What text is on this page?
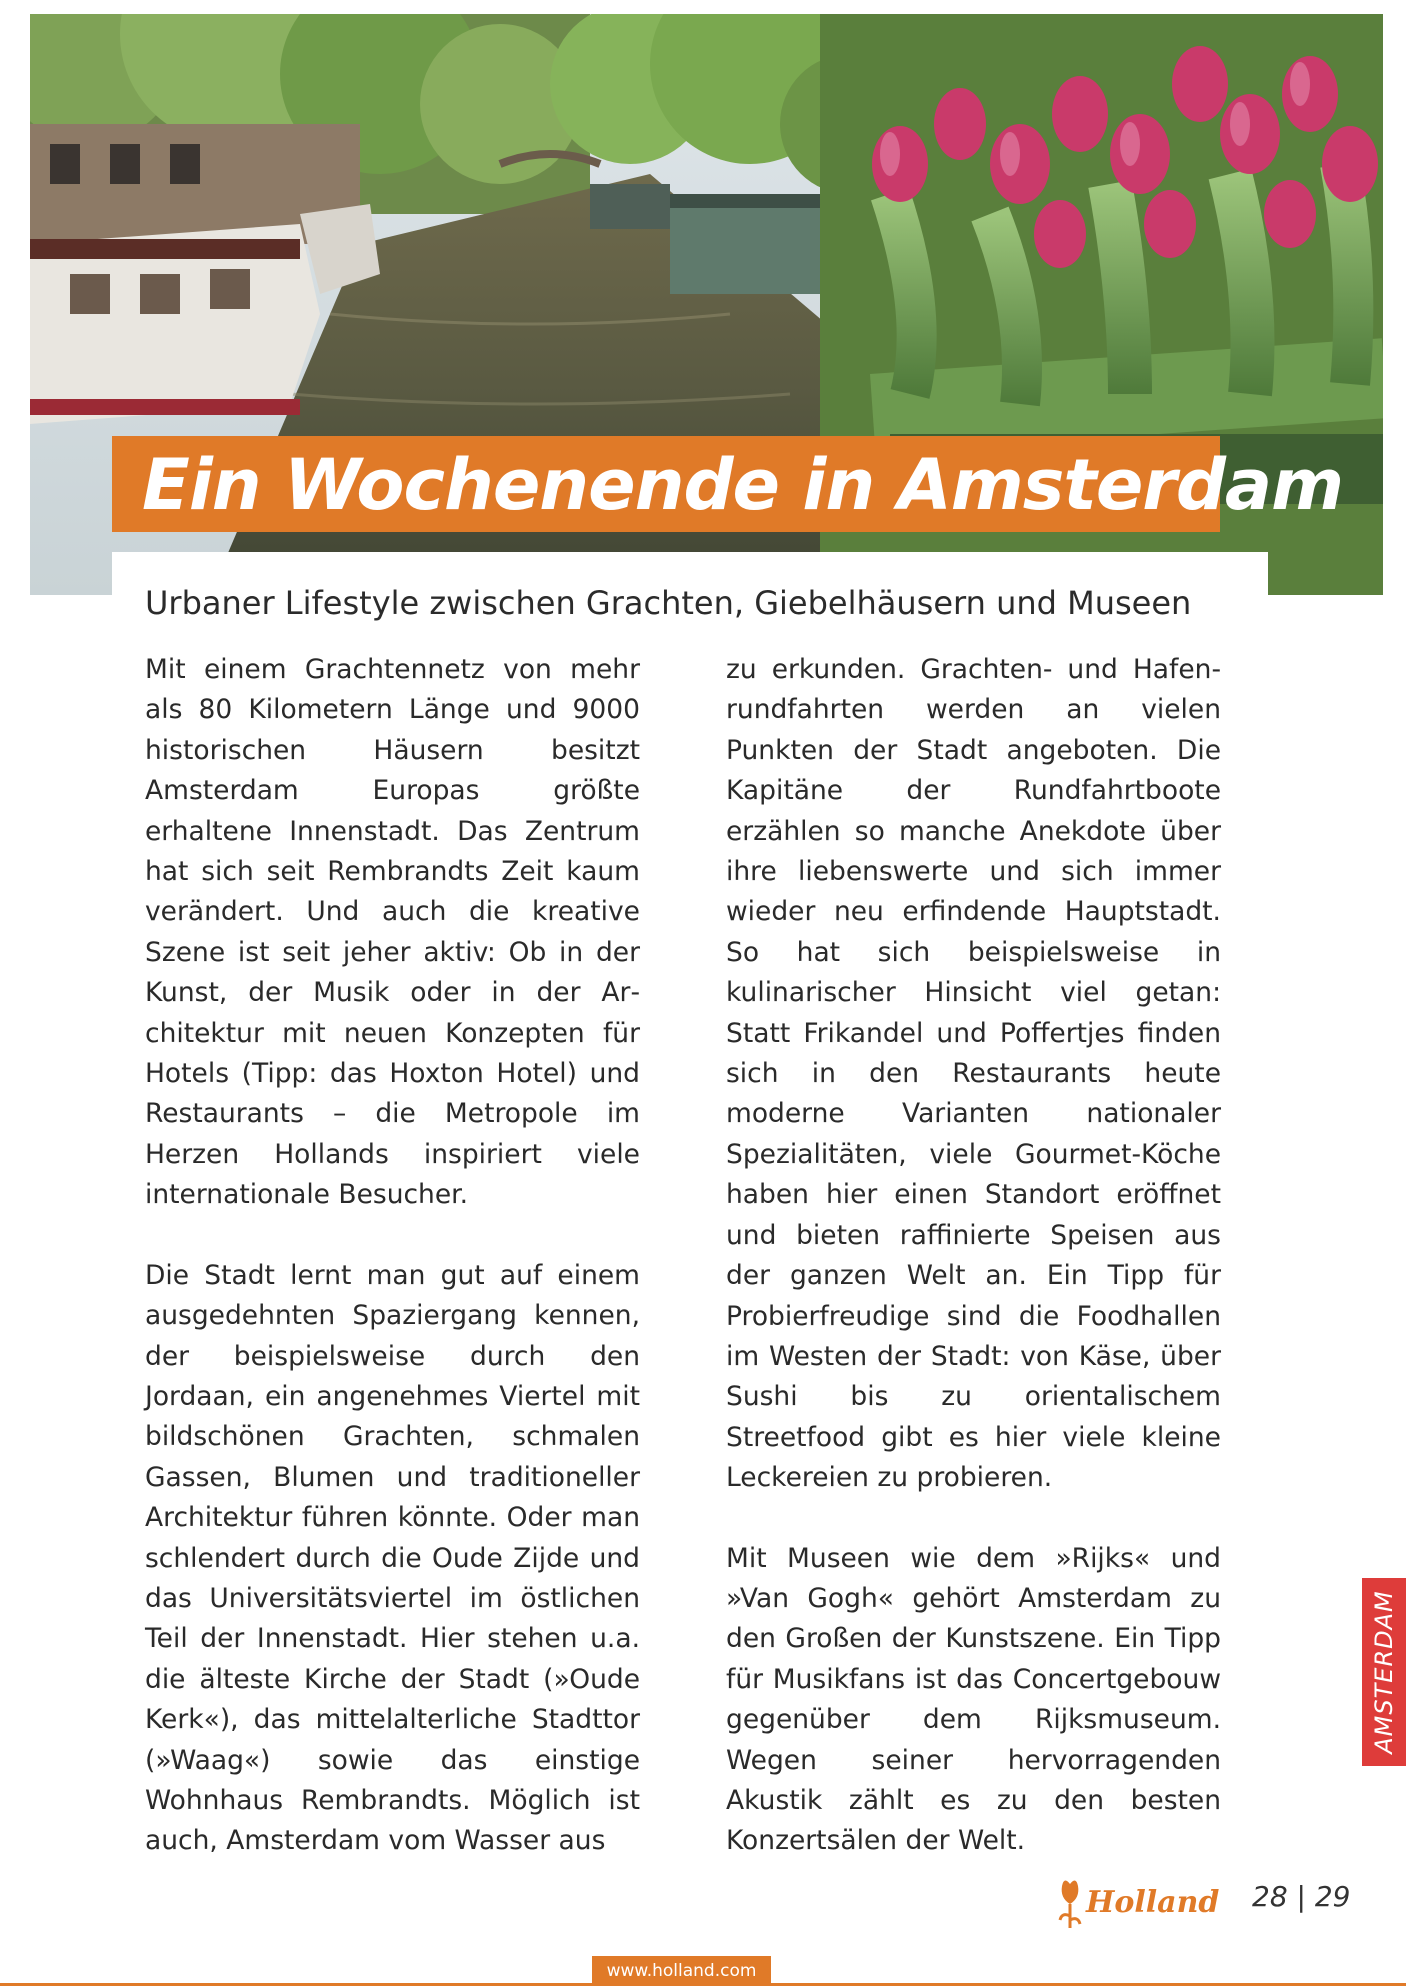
Ein Wochenende in Amsterdam
Urbaner Lifestyle zwischen Grachten, Giebelhäusern und Museen

Mit einem Grachtennetz von mehr als 80 Kilometern Länge und 9000 historischen Häusern besitzt Amsterdam Europas größte erhaltene Innenstadt. Das Zentrum hat sich seit Rembrandts Zeit kaum verändert. Und auch die kreative Szene ist seit jeher aktiv: Ob in der Kunst, der Musik oder in der Architektur mit neuen Konzepten für Hotels (Tipp: das Hoxton Hotel) und Restaurants – die Metropole im Herzen Hollands inspiriert viele internationale Besucher.

Die Stadt lernt man gut auf einem ausgedehnten Spaziergang kennen, der beispielsweise durch den Jordaan, ein angenehmes Viertel mit bildschönen Grachten, schmalen Gassen, Blumen und traditioneller Architektur führen könnte. Oder man schlendert durch die Oude Zijde und das Universitätsviertel im östlichen Teil der Innenstadt. Hier stehen u.a. die älteste Kirche der Stadt (»Oude Kerk«), das mittelalterliche Stadttor (»Waag«) sowie das einstige Wohnhaus Rembrandts. Möglich ist auch, Amsterdam vom Wasser aus

zu erkunden. Grachten- und Hafenrundfahrten werden an vielen Punkten der Stadt angeboten. Die Kapitäne der Rundfahrtboote erzählen so manche Anekdote über ihre liebenswerte und sich immer wieder neu erfindende Hauptstadt. So hat sich beispielsweise in kulinarischer Hinsicht viel getan: Statt Frikandel und Poffertjes finden sich in den Restaurants heute moderne Varianten nationaler Spezialitäten, viele Gourmet-Köche haben hier einen Standort eröffnet und bieten raffinierte Speisen aus der ganzen Welt an. Ein Tipp für Probierfreudige sind die Foodhallen im Westen der Stadt: von Käse, über Sushi bis zu orientalischem Streetfood gibt es hier viele kleine Leckereien zu probieren.

Mit Museen wie dem »Rijks« und »Van Gogh« gehört Amsterdam zu den Großen der Kunstszene. Ein Tipp für Musikfans ist das Concertgebouw gegenüber dem Rijksmuseum. Wegen seiner hervorragenden Akustik zählt es zu den besten Konzertsälen der Welt.

AMSTERDAM
Holland 28 | 29
www.holland.com
